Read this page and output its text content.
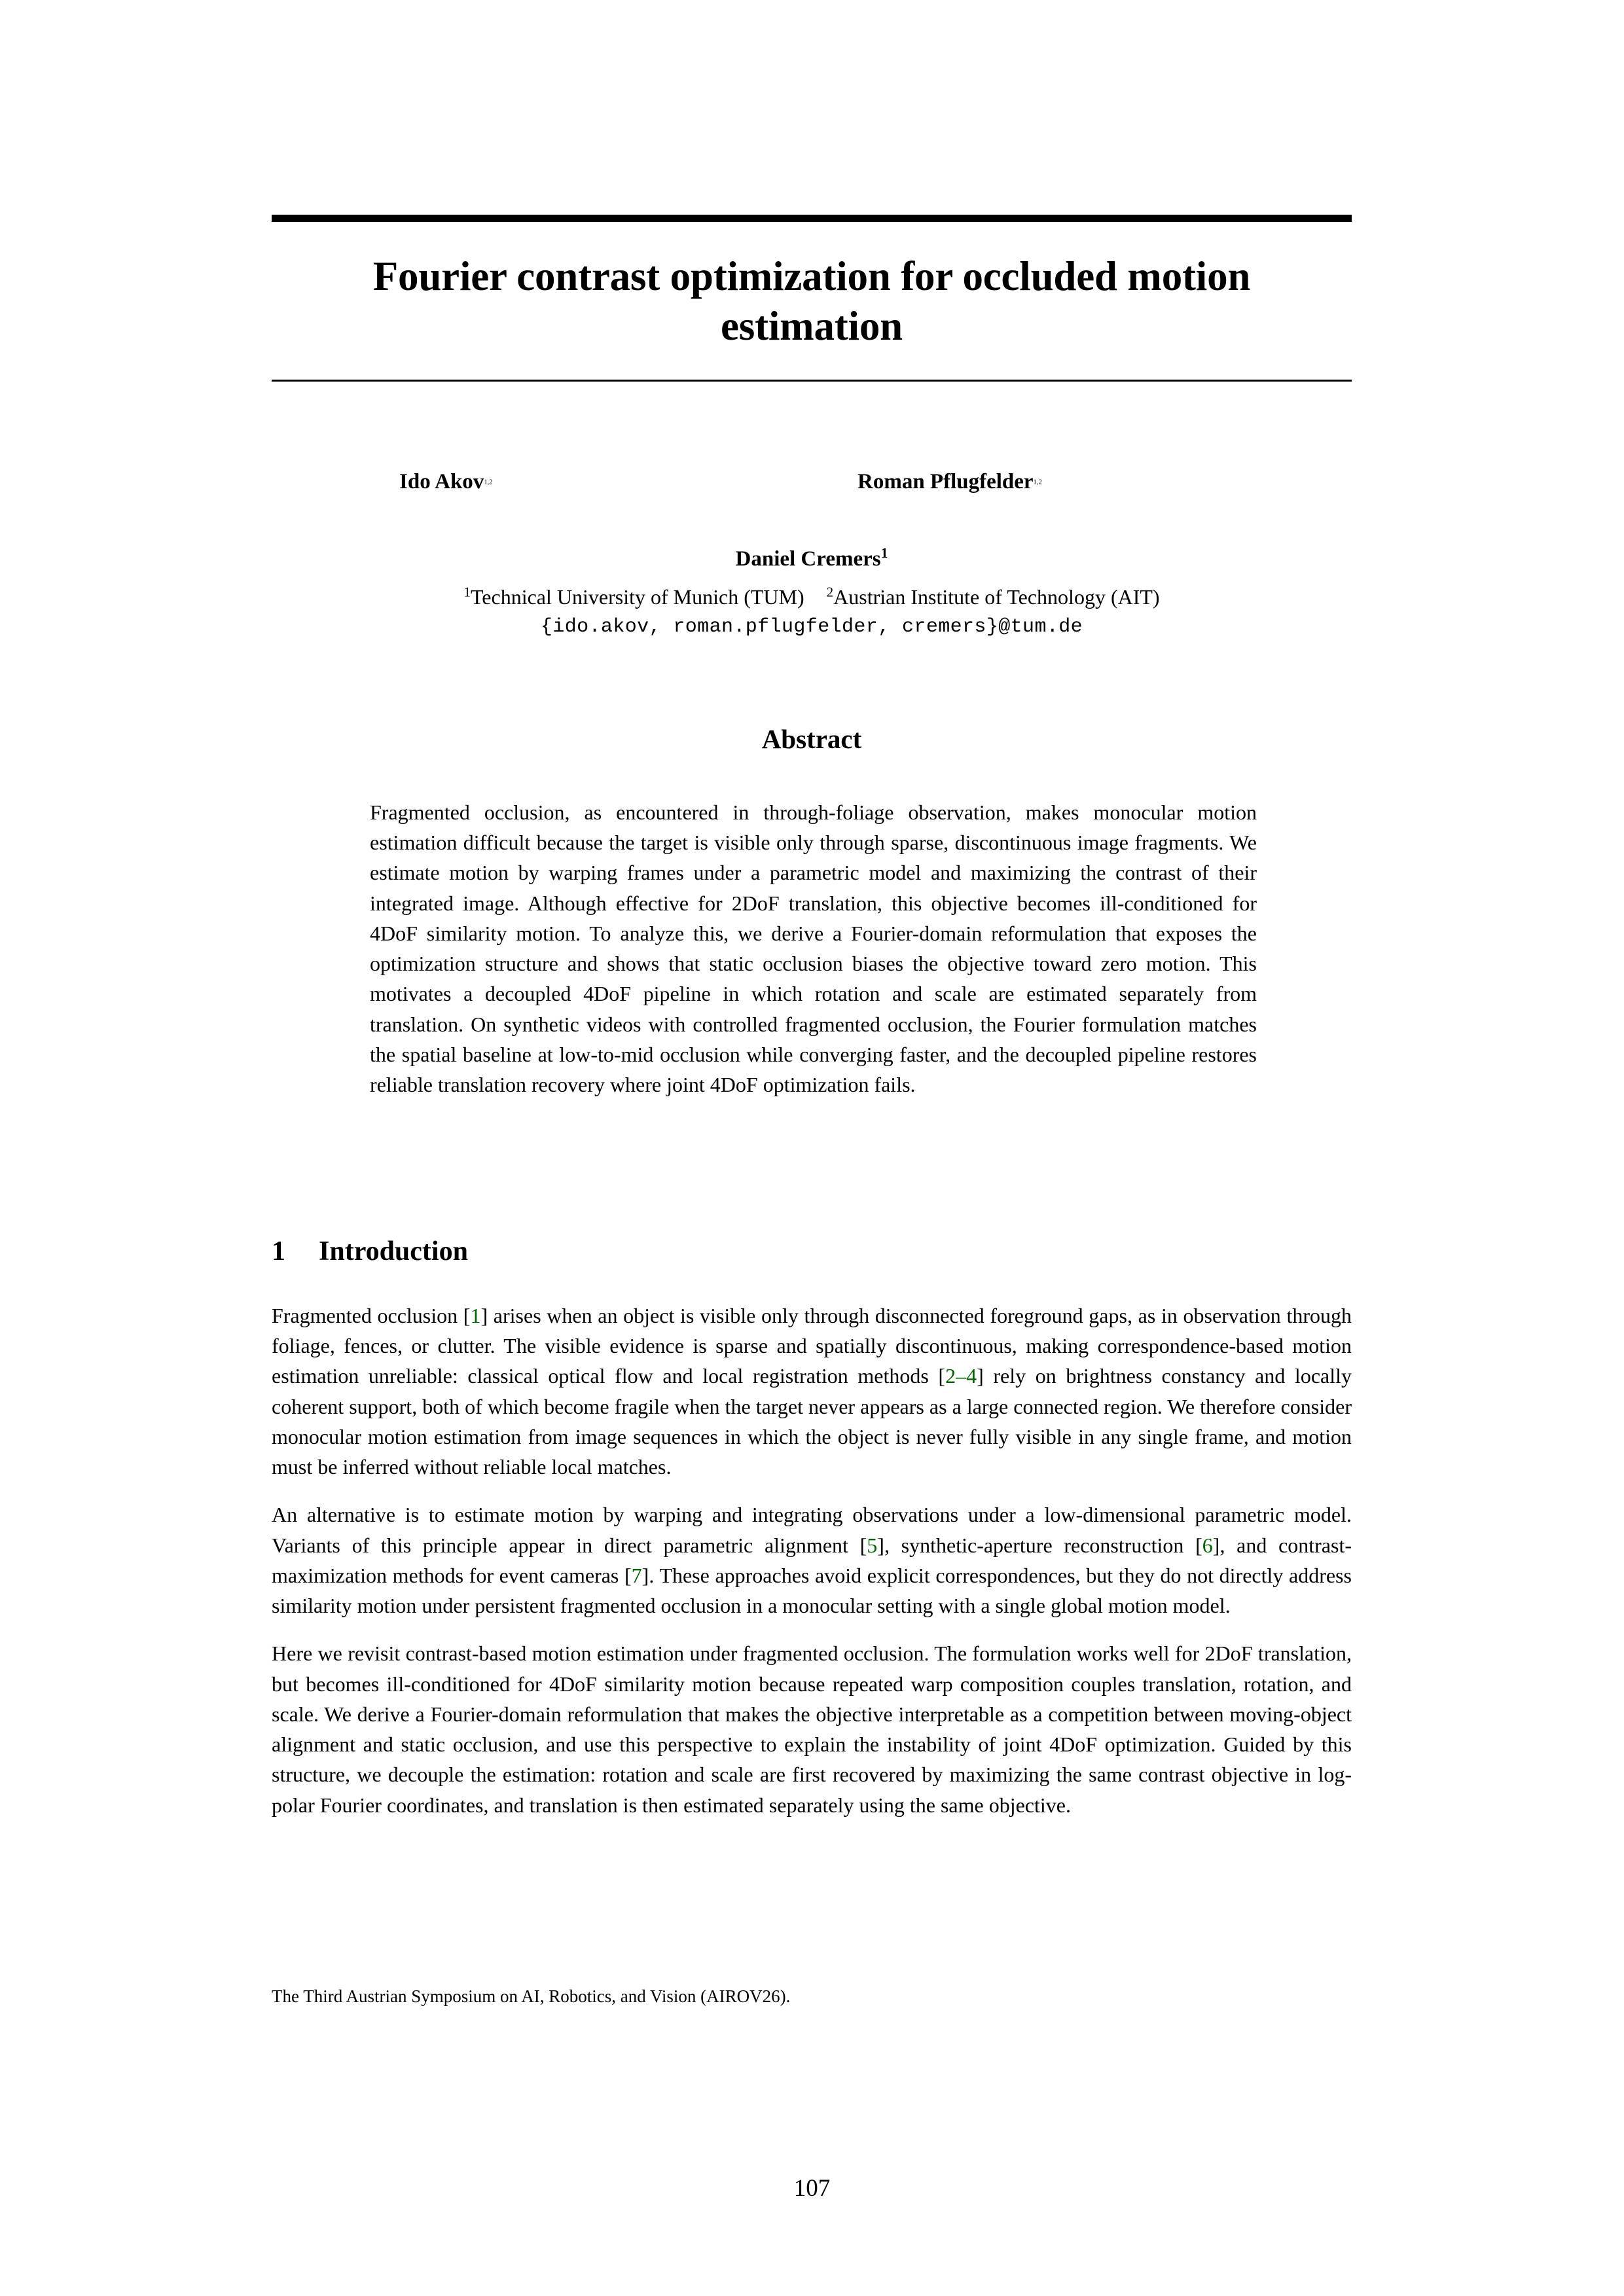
Fourier contrast optimization for occluded motion estimation
Ido Akov$^{1,2}$	Roman Pflugfelder$^{1,2}$
Daniel Cremers$^1$
$^1$Technical University of Munich (TUM) $^2$Austrian Institute of Technology (AIT)
{ido.akov, roman.pflugfelder, cremers}@tum.de
Abstract
Fragmented occlusion, as encountered in through-foliage observation, makes monocular motion estimation difficult because the target is visible only through sparse, discontinuous image fragments. We estimate motion by warping frames under a parametric model and maximizing the contrast of their integrated image. Although effective for 2DoF translation, this objective becomes ill-conditioned for 4DoF similarity motion. To analyze this, we derive a Fourier-domain reformulation that exposes the optimization structure and shows that static occlusion biases the objective toward zero motion. This motivates a decoupled 4DoF pipeline in which rotation and scale are estimated separately from translation. On synthetic videos with controlled fragmented occlusion, the Fourier formulation matches the spatial baseline at low-to-mid occlusion while converging faster, and the decoupled pipeline restores reliable translation recovery where joint 4DoF optimization fails.
1 Introduction

Fragmented occlusion [1] arises when an object is visible only through disconnected foreground gaps, as in observation through foliage, fences, or clutter. The visible evidence is sparse and spatially discontinuous, making correspondence-based motion estimation unreliable: classical optical flow and local registration methods [2–4] rely on brightness constancy and locally coherent support, both of which become fragile when the target never appears as a large connected region. We therefore consider monocular motion estimation from image sequences in which the object is never fully visible in any single frame, and motion must be inferred without reliable local matches.

An alternative is to estimate motion by warping and integrating observations under a low-dimensional parametric model. Variants of this principle appear in direct parametric alignment [5], synthetic-aperture reconstruction [6], and contrast-maximization methods for event cameras [7]. These approaches avoid explicit correspondences, but they do not directly address similarity motion under persistent fragmented occlusion in a monocular setting with a single global motion model.

Here we revisit contrast-based motion estimation under fragmented occlusion. The formulation works well for 2DoF translation, but becomes ill-conditioned for 4DoF similarity motion because repeated warp composition couples translation, rotation, and scale. We derive a Fourier-domain reformulation that makes the objective interpretable as a competition between moving-object alignment and static occlusion, and use this perspective to explain the instability of joint 4DoF optimization. Guided by this structure, we decouple the estimation: rotation and scale are first recovered by maximizing the same contrast objective in log-polar Fourier coordinates, and translation is then estimated separately using the same objective.

The Third Austrian Symposium on AI, Robotics, and Vision (AIROV26).
107
